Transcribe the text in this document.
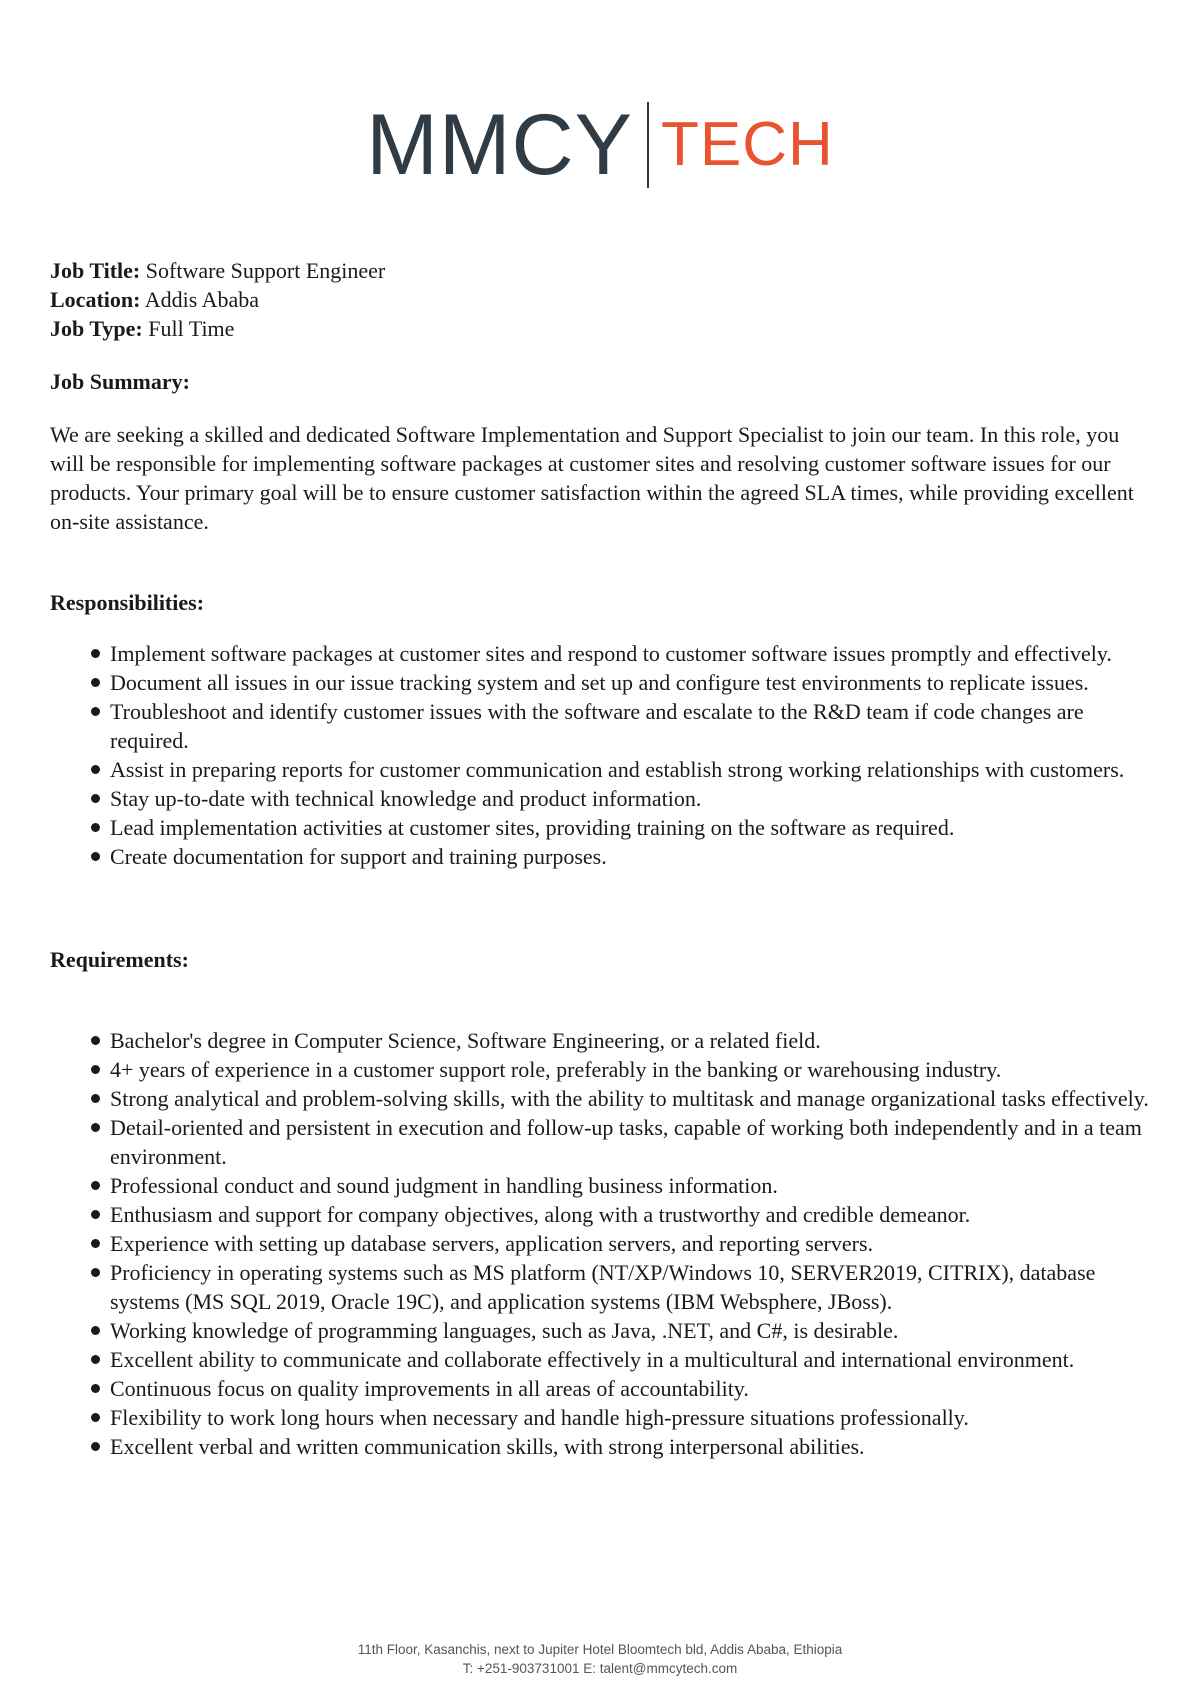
MMCY TECH

Job Title: Software Support Engineer

Location: Addis Ababa

Job Type: Full Time

Job Summary:

We are seeking a skilled and dedicated Software Implementation and Support Specialist to join our team. In this role, you will be responsible for implementing software packages at customer sites and resolving customer software issues for our products. Your primary goal will be to ensure customer satisfaction within the agreed SLA times, while providing excellent on-site assistance.

Responsibilities:

Implement software packages at customer sites and respond to customer software issues promptly and effectively.
Document all issues in our issue tracking system and set up and configure test environments to replicate issues.
Troubleshoot and identify customer issues with the software and escalate to the R&D team if code changes are required.
Assist in preparing reports for customer communication and establish strong working relationships with customers.
Stay up-to-date with technical knowledge and product information.
Lead implementation activities at customer sites, providing training on the software as required.
Create documentation for support and training purposes.

Requirements:

Bachelor's degree in Computer Science, Software Engineering, or a related field.
4+ years of experience in a customer support role, preferably in the banking or warehousing industry.
Strong analytical and problem-solving skills, with the ability to multitask and manage organizational tasks effectively.
Detail-oriented and persistent in execution and follow-up tasks, capable of working both independently and in a team environment.
Professional conduct and sound judgment in handling business information.
Enthusiasm and support for company objectives, along with a trustworthy and credible demeanor.
Experience with setting up database servers, application servers, and reporting servers.
Proficiency in operating systems such as MS platform (NT/XP/Windows 10, SERVER2019, CITRIX), database systems (MS SQL 2019, Oracle 19C), and application systems (IBM Websphere, JBoss).
Working knowledge of programming languages, such as Java, .NET, and C#, is desirable.
Excellent ability to communicate and collaborate effectively in a multicultural and international environment.
Continuous focus on quality improvements in all areas of accountability.
Flexibility to work long hours when necessary and handle high-pressure situations professionally.
Excellent verbal and written communication skills, with strong interpersonal abilities.
11th Floor, Kasanchis, next to Jupiter Hotel Bloomtech bld, Addis Ababa, Ethiopia
T: +251-903731001 E: talent@mmcytech.com
